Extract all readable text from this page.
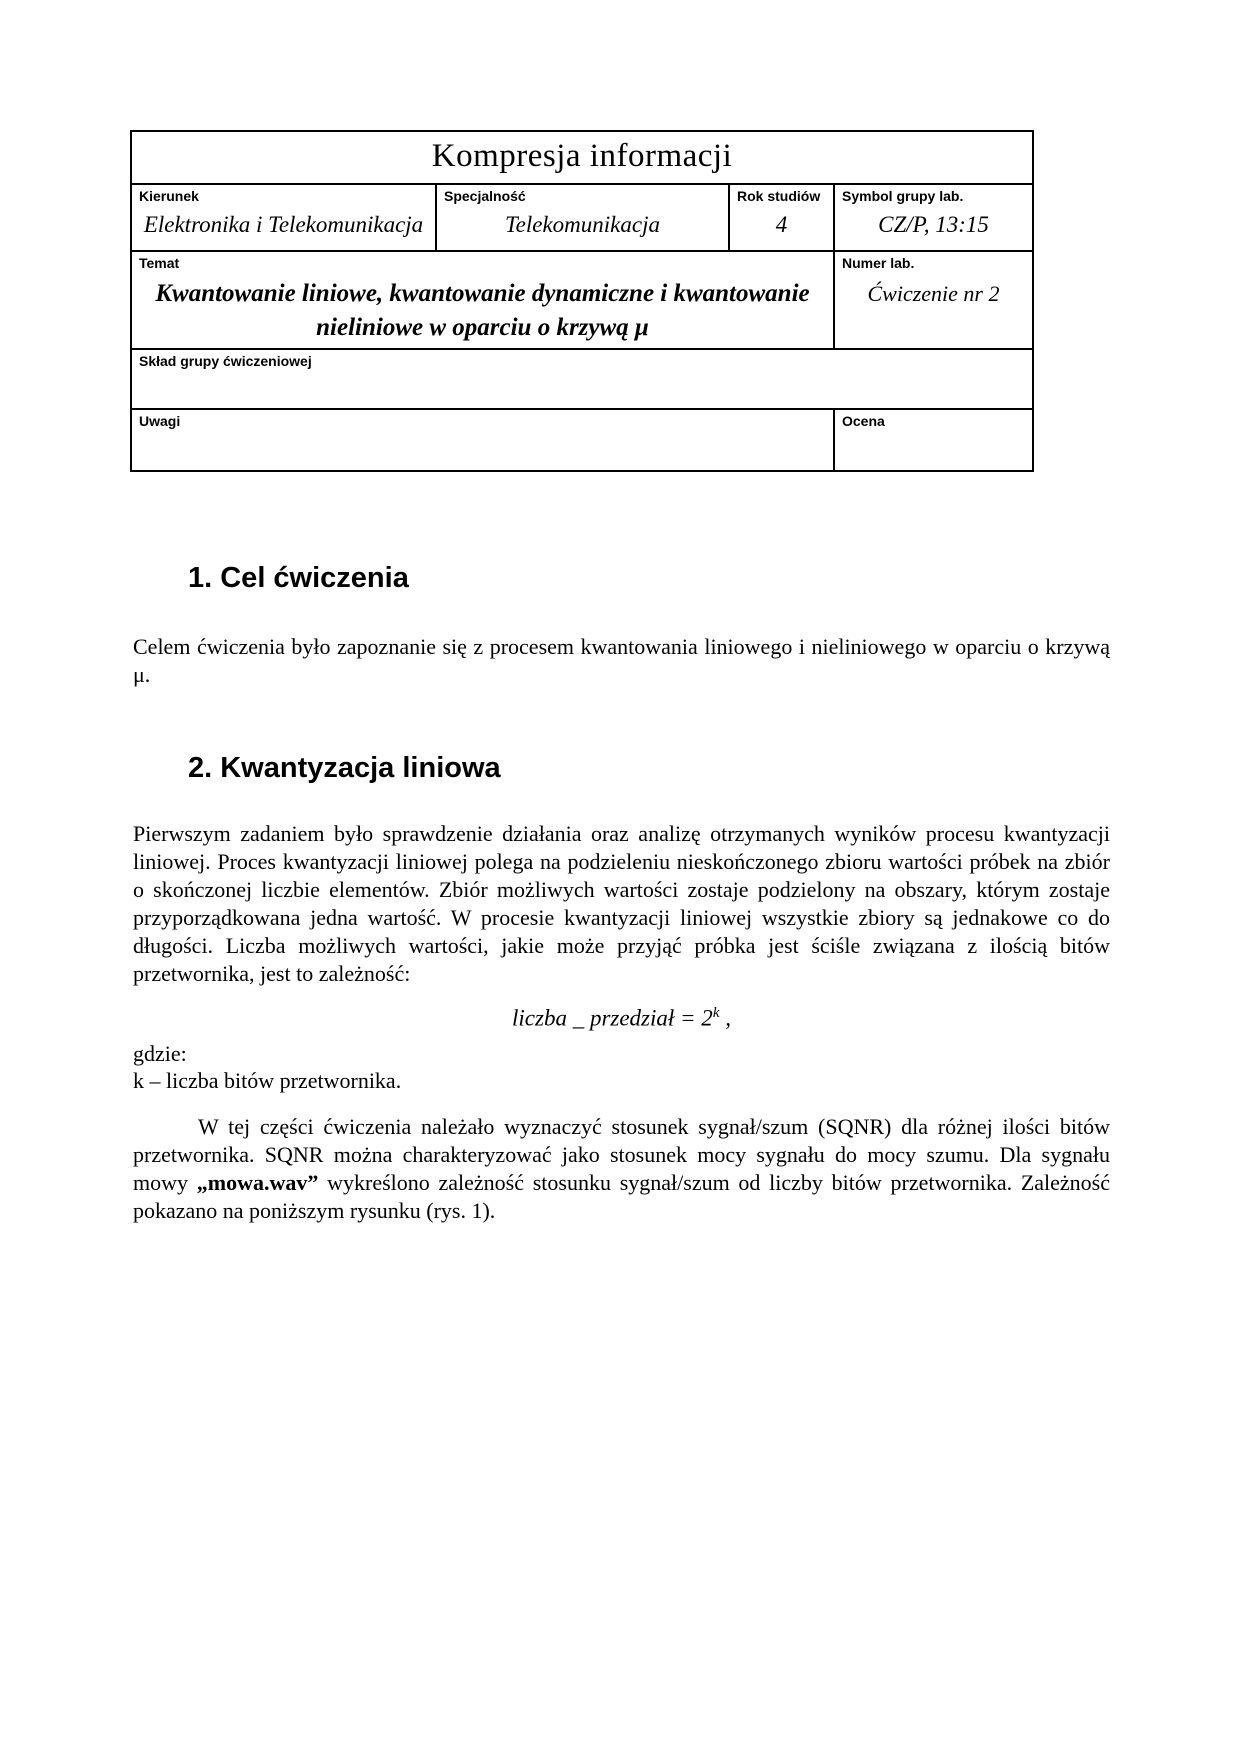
Kompresja informacji			

Kierunek
Elektronika i Telekomunikacja

Specjalność
Telekomunikacja

Rok studiów
4

Symbol grupy lab.
CZ/P, 13:15

Temat
Kwantowanie liniowe, kwantowanie dynamiczne i kwantowanie nieliniowe w oparciu o krzywą μ

Numer lab.
Ćwiczenie nr 2

Skład grupy ćwiczeniowej			

Uwagi			Ocena
1. Cel ćwiczenia

Celem ćwiczenia było zapoznanie się z procesem kwantowania liniowego i nieliniowego w oparciu o krzywą μ.

2. Kwantyzacja liniowa

Pierwszym zadaniem było sprawdzenie działania oraz analizę otrzymanych wyników procesu kwantyzacji liniowej. Proces kwantyzacji liniowej polega na podzieleniu nieskończonego zbioru wartości próbek na zbiór o skończonej liczbie elementów. Zbiór możliwych wartości zostaje podzielony na obszary, którym zostaje przyporządkowana jedna wartość. W procesie kwantyzacji liniowej wszystkie zbiory są jednakowe co do długości. Liczba możliwych wartości, jakie może przyjąć próbka jest ściśle związana z ilością bitów przetwornika, jest to zależność:

liczba _ przedział = $2^k$ ,

gdzie:

k – liczba bitów przetwornika.

W tej części ćwiczenia należało wyznaczyć stosunek sygnał/szum (SQNR) dla różnej ilości bitów przetwornika. SQNR można charakteryzować jako stosunek mocy sygnału do mocy szumu. Dla sygnału mowy „mowa.wav” wykreślono zależność stosunku sygnał/szum od liczby bitów przetwornika. Zależność pokazano na poniższym rysunku (rys. 1).
